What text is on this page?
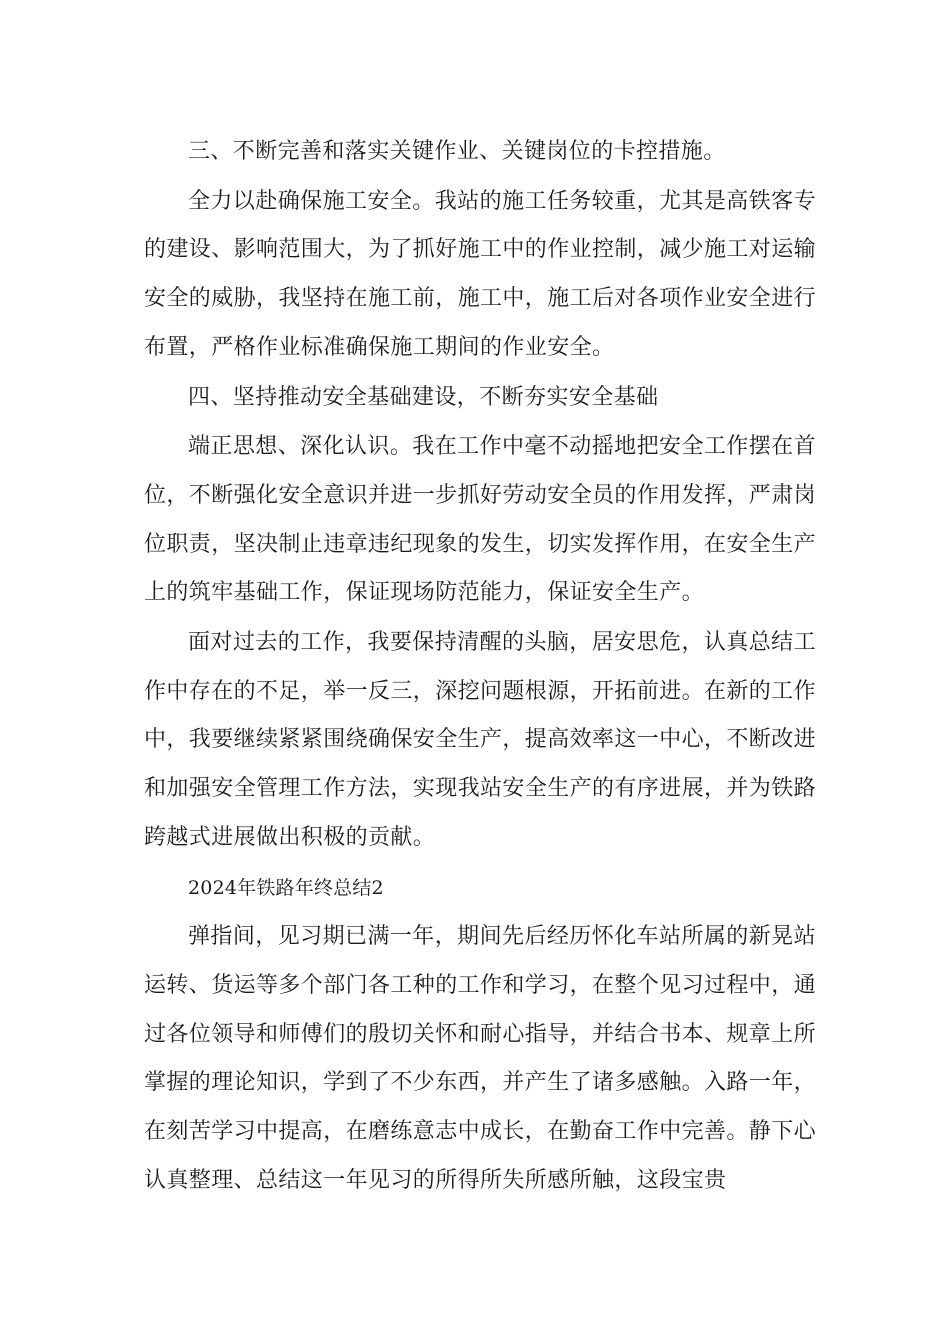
三、不断完善和落实关键作业、关键岗位的卡控措施。

全力以赴确保施工安全。我站的施工任务较重，尤其是高铁客专的建设、影响范围大，为了抓好施工中的作业控制，减少施工对运输安全的威胁，我坚持在施工前，施工中，施工后对各项作业安全进行布置，严格作业标准确保施工期间的作业安全。

四、坚持推动安全基础建设，不断夯实安全基础

端正思想、深化认识。我在工作中毫不动摇地把安全工作摆在首位，不断强化安全意识并进一步抓好劳动安全员的作用发挥，严肃岗位职责，坚决制止违章违纪现象的发生，切实发挥作用，在安全生产上的筑牢基础工作，保证现场防范能力，保证安全生产。

面对过去的工作，我要保持清醒的头脑，居安思危，认真总结工作中存在的不足，举一反三，深挖问题根源，开拓前进。在新的工作中，我要继续紧紧围绕确保安全生产，提高效率这一中心，不断改进和加强安全管理工作方法，实现我站安全生产的有序进展，并为铁路跨越式进展做出积极的贡献。

2024年铁路年终总结2

弹指间，见习期已满一年，期间先后经历怀化车站所属的新晃站运转、货运等多个部门各工种的工作和学习，在整个见习过程中，通过各位领导和师傅们的殷切关怀和耐心指导，并结合书本、规章上所掌握的理论知识，学到了不少东西，并产生了诸多感触。入路一年，在刻苦学习中提高，在磨练意志中成长，在勤奋工作中完善。静下心认真整理、总结这一年见习的所得所失所感所触，这段宝贵
